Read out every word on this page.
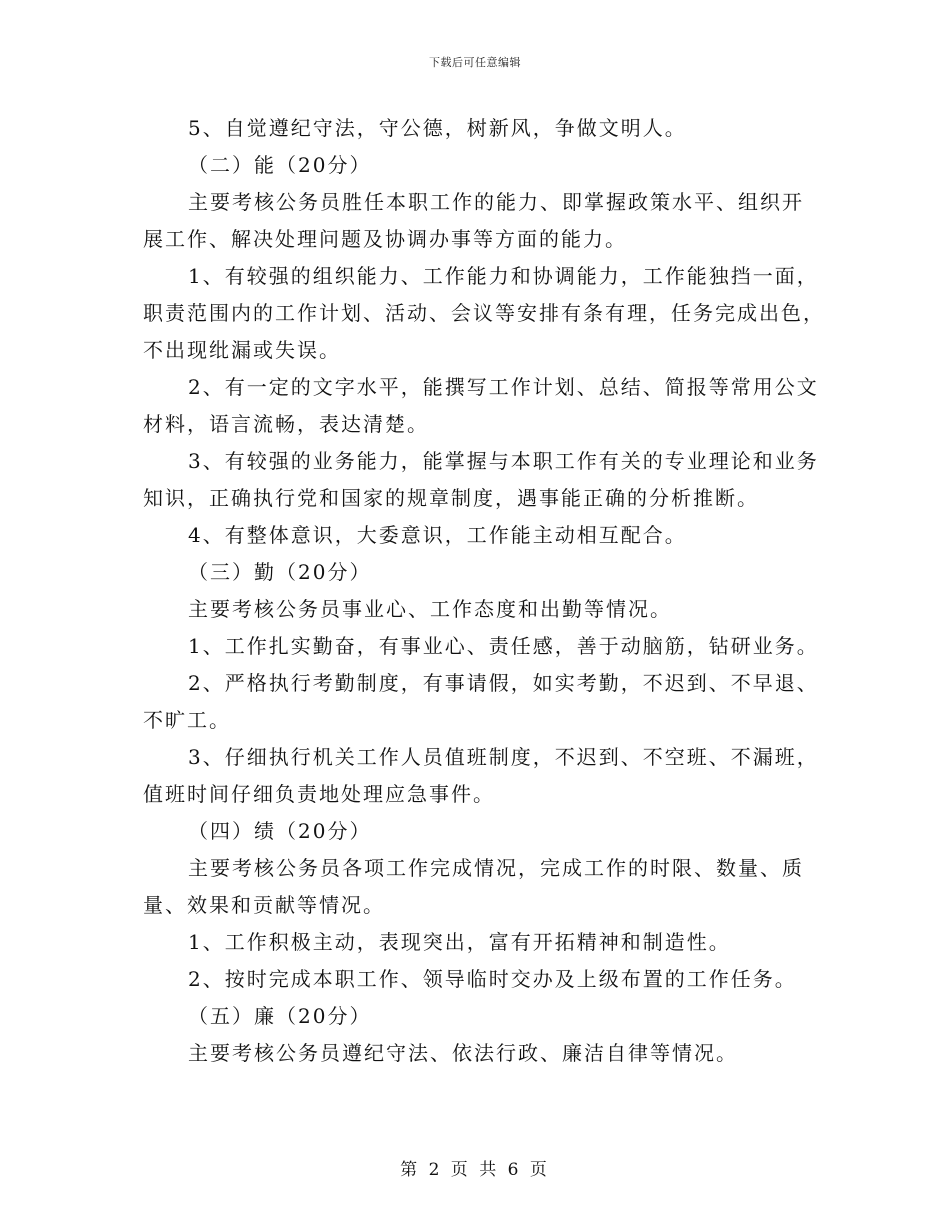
下载后可任意编辑
5、自觉遵纪守法，守公德，树新风，争做文明人。
（二）能（20分）
主要考核公务员胜任本职工作的能力、即掌握政策水平、组织开
展工作、解决处理问题及协调办事等方面的能力。
1、有较强的组织能力、工作能力和协调能力，工作能独挡一面，
职责范围内的工作计划、活动、会议等安排有条有理，任务完成出色，
不出现纰漏或失误。
2、有一定的文字水平，能撰写工作计划、总结、简报等常用公文
材料，语言流畅，表达清楚。
3、有较强的业务能力，能掌握与本职工作有关的专业理论和业务
知识，正确执行党和国家的规章制度，遇事能正确的分析推断。
4、有整体意识，大委意识，工作能主动相互配合。
（三）勤（20分）
主要考核公务员事业心、工作态度和出勤等情况。
1、工作扎实勤奋，有事业心、责任感，善于动脑筋，钻研业务。
2、严格执行考勤制度，有事请假，如实考勤，不迟到、不早退、
不旷工。
3、仔细执行机关工作人员值班制度，不迟到、不空班、不漏班，
值班时间仔细负责地处理应急事件。
（四）绩（20分）
主要考核公务员各项工作完成情况，完成工作的时限、数量、质
量、效果和贡献等情况。
1、工作积极主动，表现突出，富有开拓精神和制造性。
2、按时完成本职工作、领导临时交办及上级布置的工作任务。
（五）廉（20分）
主要考核公务员遵纪守法、依法行政、廉洁自律等情况。
第 2 页 共 6 页
